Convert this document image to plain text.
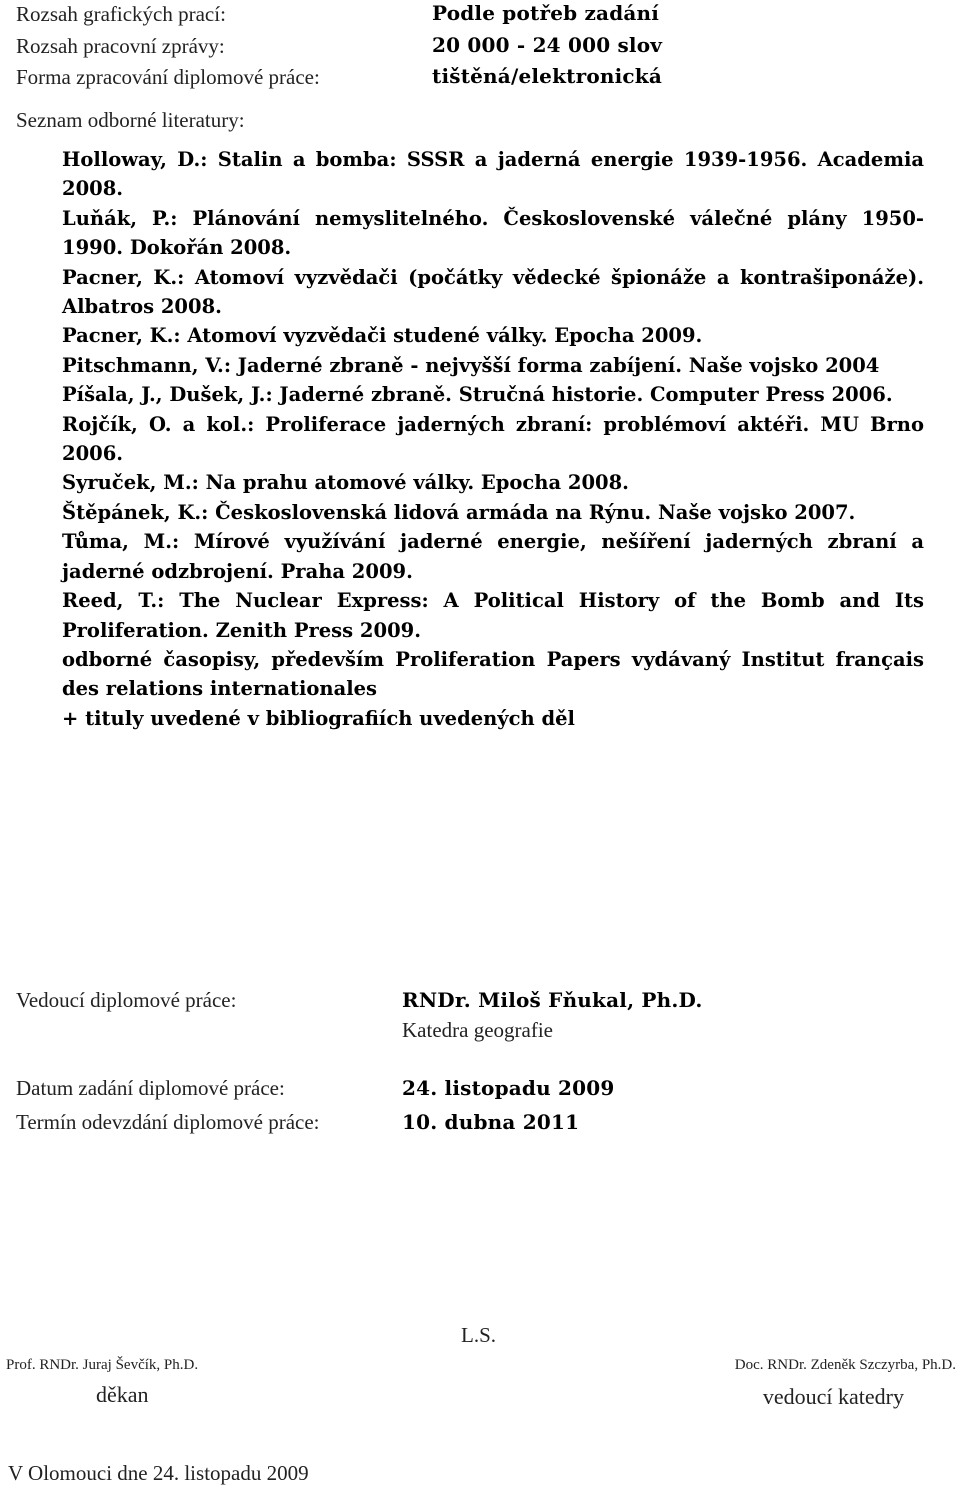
Rozsah grafických prací:	Podle potřeb zadání
Rozsah pracovní zprávy:	20 000 - 24 000 slov
Forma zpracování diplomové práce:	tištěná/elektronická
Seznam odborné literatury:
Holloway, D.: Stalin a bomba: SSSR a jaderná energie 1939-1956. Academia 2008.
Luňák, P.: Plánování nemyslitelného. Československé válečné plány 1950-1990. Dokořán 2008.
Pacner, K.: Atomoví vyzvědači (počátky vědecké špionáže a kontrašiponáže). Albatros 2008.
Pacner, K.: Atomoví vyzvědači studené války. Epocha 2009.
Pitschmann, V.: Jaderné zbraně - nejvyšší forma zabíjení. Naše vojsko 2004
Píšala, J., Dušek, J.: Jaderné zbraně. Stručná historie. Computer Press 2006.
Rojčík, O. a kol.: Proliferace jaderných zbraní: problémoví aktéři. MU Brno 2006.
Syruček, M.: Na prahu atomové války. Epocha 2008.
Štěpánek, K.: Československá lidová armáda na Rýnu. Naše vojsko 2007.
Tůma, M.: Mírové využívání jaderné energie, nešíření jaderných zbraní a jaderné odzbrojení. Praha 2009.
Reed, T.: The Nuclear Express: A Political History of the Bomb and Its Proliferation. Zenith Press 2009.
odborné časopisy, především Proliferation Papers vydávaný Institut français des relations internationales
+ tituly uvedené v bibliografiích uvedených děl
Vedoucí diplomové práce:	RNDr. Miloš Fňukal, Ph.D.
Katedra geografie
Datum zadání diplomové práce:	24. listopadu 2009
Termín odevzdání diplomové práce:	10. dubna 2011
L.S.
Prof. RNDr. Juraj Ševčík, Ph.D.
děkan
Doc. RNDr. Zdeněk Szczyrba, Ph.D.
vedoucí katedry
V Olomouci dne 24. listopadu 2009
